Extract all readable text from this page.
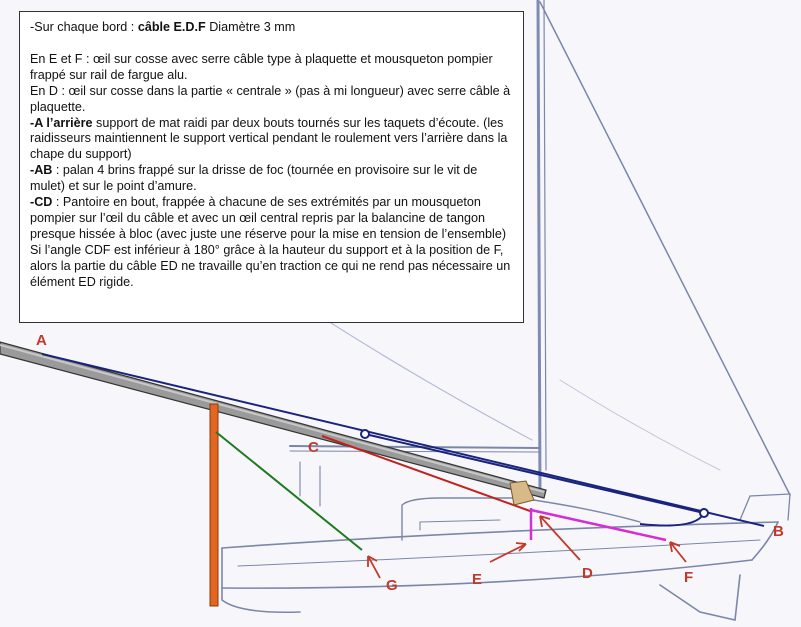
A
B
C
D
E	F
G

-Sur chaque bord : câble E.D.F Diamètre 3 mm

En E et F : œil sur cosse avec serre câble type à plaquette et mousqueton pompier frappé sur rail de fargue alu.

En D : œil sur cosse dans la partie « centrale » (pas à mi longueur) avec serre câble à plaquette.

-A l’arrière support de mat raidi par deux bouts tournés sur les taquets d’écoute. (les raidisseurs maintiennent le support vertical pendant le roulement vers l’arrière dans la chape du support)

-AB : palan 4 brins frappé sur la drisse de foc (tournée en provisoire sur le vit de mulet) et sur le point d’amure.

-CD : Pantoire en bout, frappée à chacune de ses extrémités par un mousqueton pompier sur l’œil du câble et avec un œil central repris par la balancine de tangon presque hissée à bloc (avec juste une réserve pour la mise en tension de l’ensemble)

Si l’angle CDF est inférieur à 180° grâce à la hauteur du support et à la position de F, alors la partie du câble ED ne travaille qu’en traction ce qui ne rend pas nécessaire un élément ED rigide.
